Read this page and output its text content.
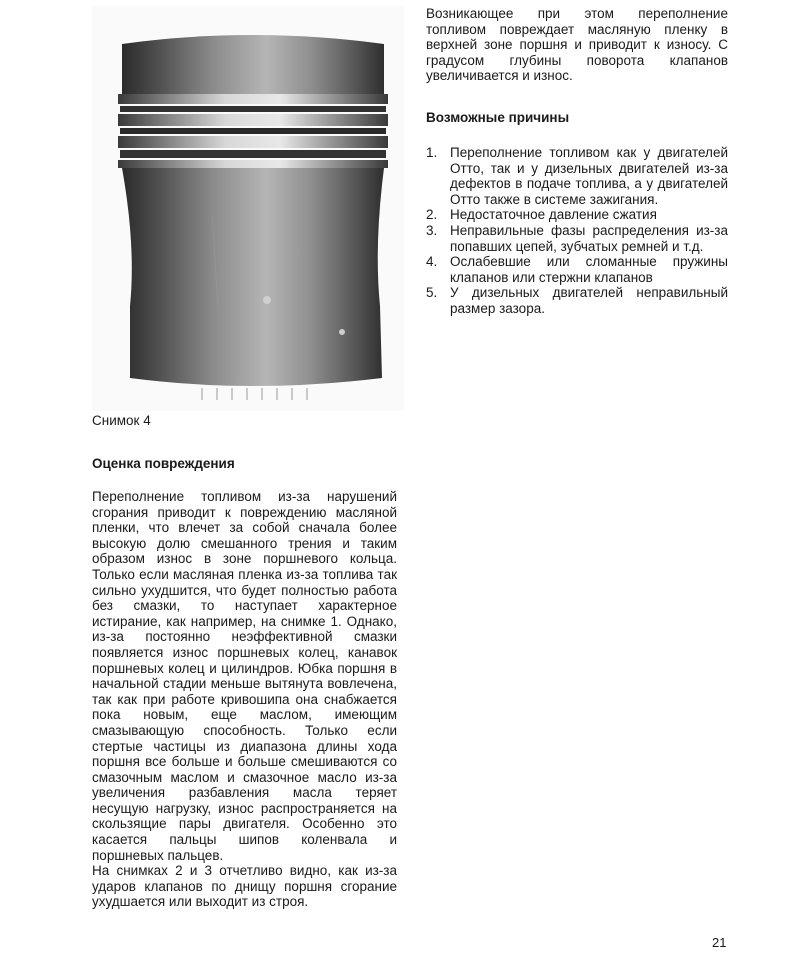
Снимок 4

Оценка повреждения

Переполнение топливом из-за нарушений сгорания приводит к повреждению масляной пленки, что влечет за собой сначала более высокую долю смешанного трения и таким образом износ в зоне поршневого кольца. Только если масляная пленка из-за топлива так сильно ухудшится, что будет полностью работа без смазки, то наступает характерное истирание, как например, на снимке 1. Однако, из-за постоянно неэффективной смазки появляется износ поршневых колец, канавок поршневых колец и цилиндров. Юбка поршня в начальной стадии меньше вытянута вовлечена, так как при работе кривошипа она снабжается пока новым, еще маслом, имеющим смазывающую способность. Только если стертые частицы из диапазона длины хода поршня все больше и больше смешиваются со смазочным маслом и смазочное масло из-за увеличения разбавления масла теряет несущую нагрузку, износ распространяется на скользящие пары двигателя. Особенно это касается пальцы шипов коленвала и поршневых пальцев.

На снимках 2 и 3 отчетливо видно, как из-за ударов клапанов по днищу поршня сгорание ухудшается или выходит из строя.

Возникающее при этом переполнение топливом повреждает масляную пленку в верхней зоне поршня и приводит к износу. С градусом глубины поворота клапанов увеличивается и износ.

Возможные причины

1. Переполнение топливом как у двигателей Отто, так и у дизельных двигателей из-за дефектов в подаче топлива, а у двигателей Отто также в системе зажигания.
2. Недостаточное давление сжатия
3. Неправильные фазы распределения из-за попавших цепей, зубчатых ремней и т.д.
4. Ослабевшие или сломанные пружины клапанов или стержни клапанов
5. У дизельных двигателей неправильный размер зазора.
21
